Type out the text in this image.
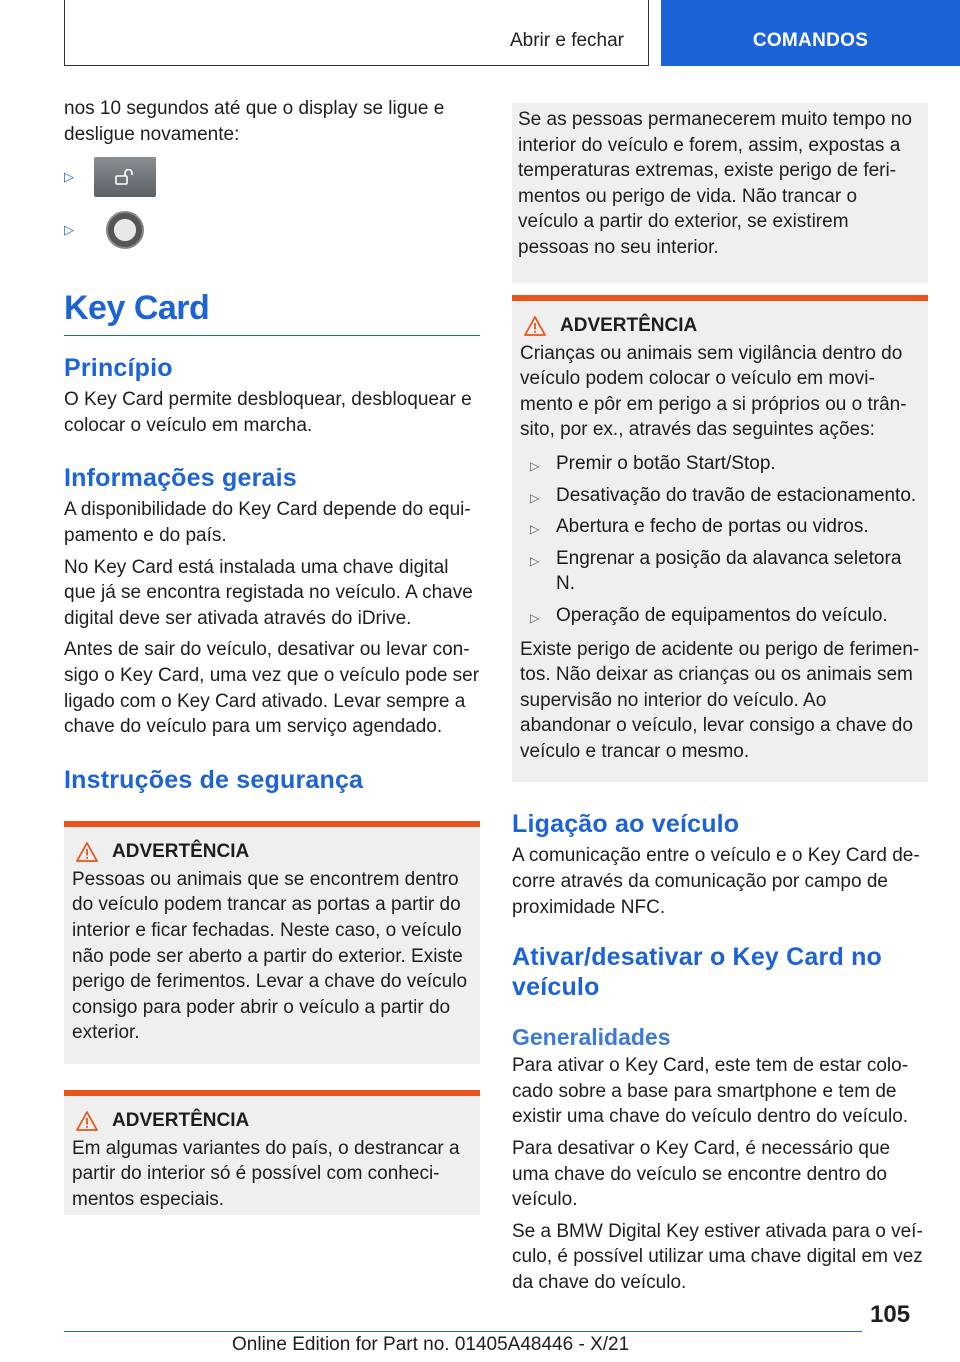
Abrir e fechar	COMANDOS

nos 10 segundos até que o display se ligue e desligue novamente:

▷
▷
Key Card
Princípio

O Key Card permite desbloquear, desbloquear e colocar o veículo em marcha.

Informações gerais

A disponibilidade do Key Card depende do equipamento e do país.

No Key Card está instalada uma chave digital que já se encontra registada no veículo. A chave digital deve ser ativada através do iDrive.

Antes de sair do veículo, desativar ou levar consigo o Key Card, uma vez que o veículo pode ser ligado com o Key Card ativado. Levar sempre a chave do veículo para um serviço agendado.

Instruções de segurança
ADVERTÊNCIA

Pessoas ou animais que se encontrem dentro do veículo podem trancar as portas a partir do interior e ficar fechadas. Neste caso, o veículo não pode ser aberto a partir do exterior. Existe perigo de ferimentos. Levar a chave do veículo consigo para poder abrir o veículo a partir do exterior.

ADVERTÊNCIA

Em algumas variantes do país, o destrancar a partir do interior só é possível com conhecimentos especiais.

Se as pessoas permanecerem muito tempo no interior do veículo e forem, assim, expostas a temperaturas extremas, existe perigo de ferimentos ou perigo de vida. Não trancar o veículo a partir do exterior, se existirem pessoas no seu interior.

ADVERTÊNCIA

Crianças ou animais sem vigilância dentro do veículo podem colocar o veículo em movimento e pôr em perigo a si próprios ou o trânsito, por ex., através das seguintes ações:

▷ Premir o botão Start/Stop.
▷ Desativação do travão de estacionamento.
▷ Abertura e fecho de portas ou vidros.
▷ Engrenar a posição da alavanca seletora N.
▷ Operação de equipamentos do veículo.

Existe perigo de acidente ou perigo de ferimentos. Não deixar as crianças ou os animais sem supervisão no interior do veículo. Ao abandonar o veículo, levar consigo a chave do veículo e trancar o mesmo.

Ligação ao veículo

A comunicação entre o veículo e o Key Card decorre através da comunicação por campo de proximidade NFC.

Ativar/desativar o Key Card no veículo
Generalidades

Para ativar o Key Card, este tem de estar colocado sobre a base para smartphone e tem de existir uma chave do veículo dentro do veículo.

Para desativar o Key Card, é necessário que uma chave do veículo se encontre dentro do veículo.

Se a BMW Digital Key estiver ativada para o veículo, é possível utilizar uma chave digital em vez da chave do veículo.

105
Online Edition for Part no. 01405A48446 - X/21
